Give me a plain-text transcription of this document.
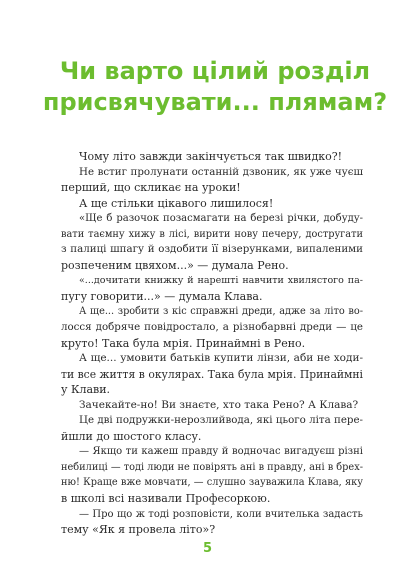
Чи варто цілий розділ
присвячувати... плямам?
Чому літо завжди закінчується так швидко?!
Не встиг пролунати останній дзвоник, як уже чуєш
перший, що скликає на уроки!
А ще стільки цікавого лишилося!
«Ще б разочок позасмагати на березі річки, добуду-
вати таємну хижу в лісі, вирити нову печеру, достругати
з палиці шпагу й оздобити її візерунками, випаленими
розпеченим цвяхом...» — думала Рено.
«...дочитати книжку й нарешті навчити хвилястого па-
пугу говорити...» — думала Клава.
А ще... зробити з кіс справжні дреди, адже за літо во-
лосся добряче повідростало, а різнобарвні дреди — це
круто! Така була мрія. Принаймні в Рено.
А ще... умовити батьків купити лінзи, аби не ходи-
ти все життя в окулярах. Така була мрія. Принаймні
у Клави.
Зачекайте-но! Ви знаєте, хто така Рено? А Клава?
Це дві подружки-нерозлийвода, які цього літа пере-
йшли до шостого класу.
— Якщо ти кажеш правду й водночас вигадуєш різні
небилиці — тоді люди не повірять ані в правду, ані в брех-
ню! Краще вже мовчати, — слушно зауважила Клава, яку
в школі всі називали Професоркою.
— Про що ж тоді розповісти, коли вчителька задасть
тему «Як я провела літо»?
5
